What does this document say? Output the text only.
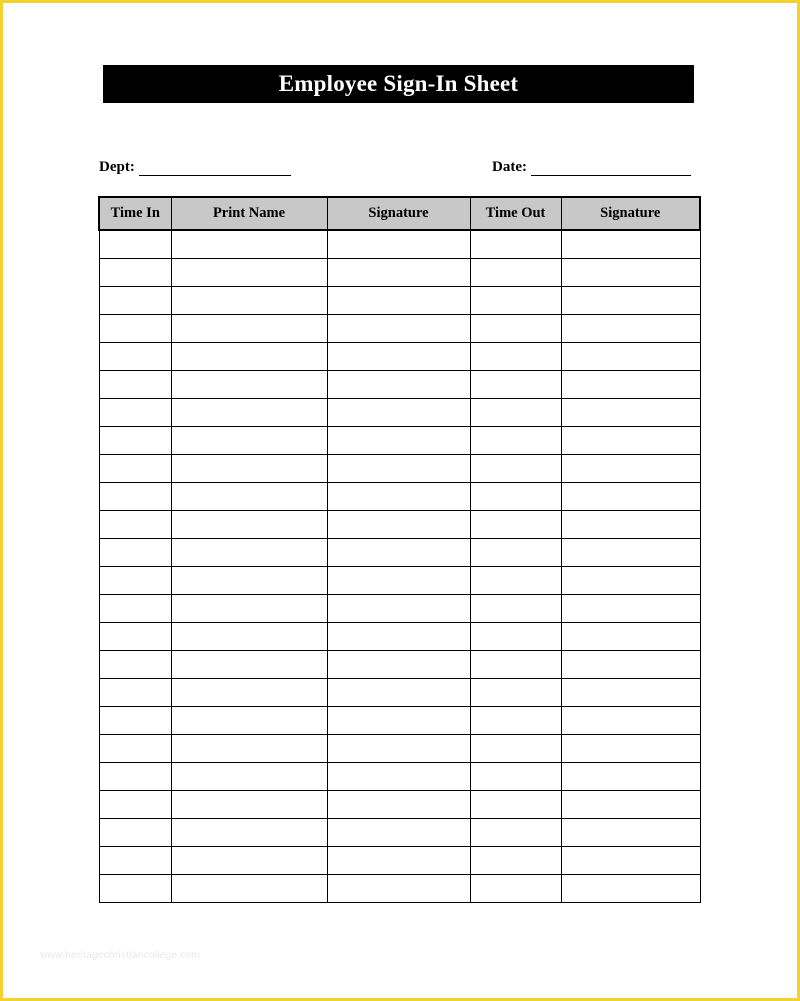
Employee Sign-In Sheet
Dept:	Date:
Time In	Print Name	Signature	Time Out	Signature

www.heritagechristiancollege.com
